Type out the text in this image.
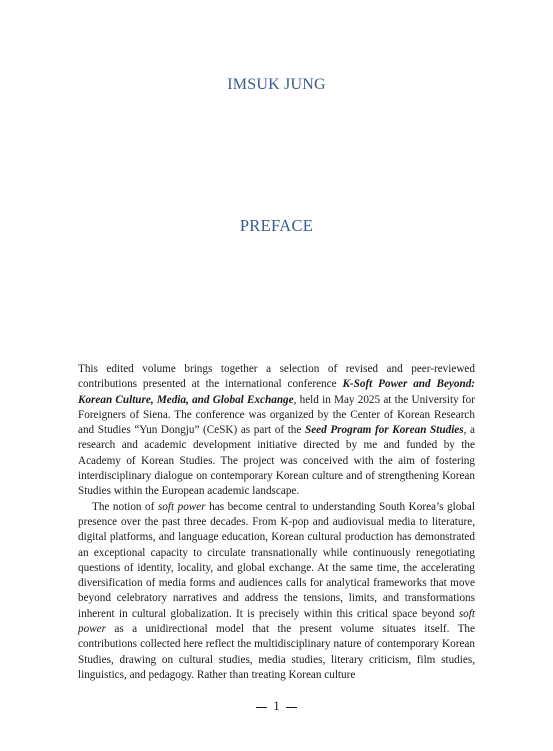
IMSUK JUNG
PREFACE

This edited volume brings together a selection of revised and peer-reviewed contributions presented at the international conference K-Soft Power and Beyond: Korean Culture, Media, and Global Exchange, held in May 2025 at the University for Foreigners of Siena. The conference was organized by the Center of Korean Research and Studies “Yun Dongju” (CeSK) as part of the Seed Program for Korean Studies, a research and academic development initiative directed by me and funded by the Academy of Korean Studies. The project was conceived with the aim of fostering interdisciplinary dialogue on contemporary Korean culture and of strengthening Korean Studies within the European academic landscape.

The notion of soft power has become central to understanding South Korea’s global presence over the past three decades. From K-pop and audiovisual media to literature, digital platforms, and language education, Korean cultural production has demonstrated an exceptional capacity to circulate transnationally while continuously renegotiating questions of identity, locality, and global exchange. At the same time, the accelerating diversification of media forms and audiences calls for analytical frameworks that move beyond celebratory narratives and address the tensions, limits, and transformations inherent in cultural globalization. It is precisely within this critical space beyond soft power as a unidirectional model that the present volume situates itself. The contributions collected here reflect the multidisciplinary nature of contemporary Korean Studies, drawing on cultural studies, media studies, literary criticism, film studies, linguistics, and pedagogy. Rather than treating Korean culture

1
